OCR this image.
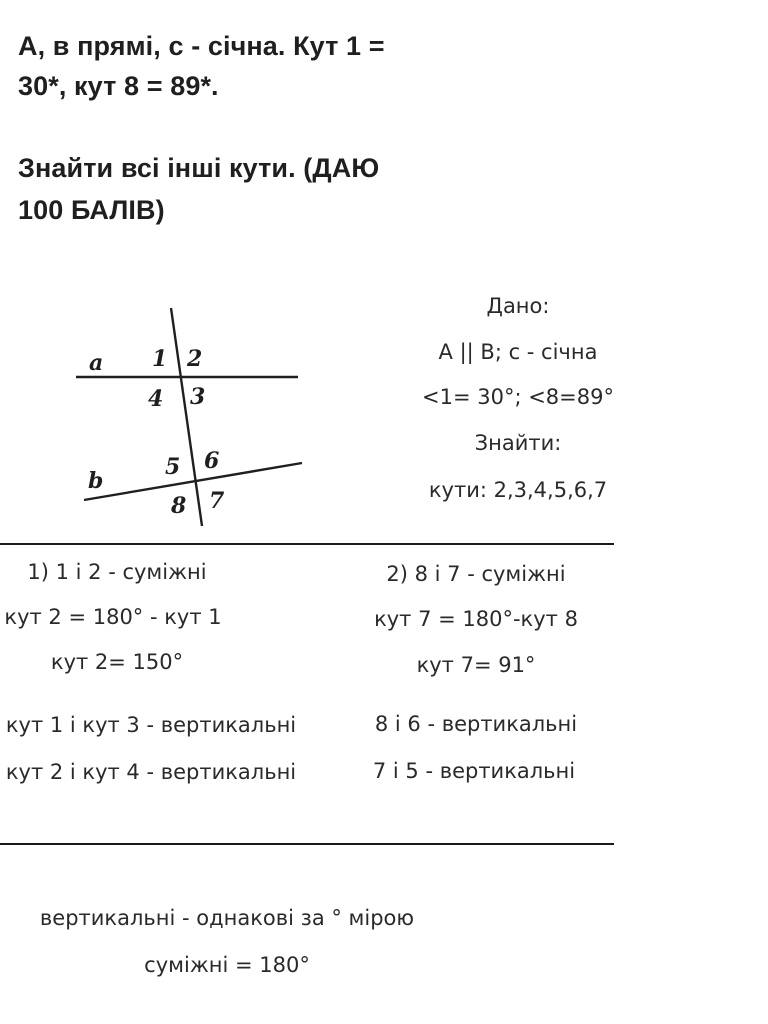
А, в прямі, с - січна. Кут 1 =
30*, кут 8 = 89*.
Знайти всі інші кути. (ДАЮ
100 БАЛІВ)
a
b
1 2
3
4
5 6
7
8
Дано:
A || B; c - січна
<1= 30°; <8=89°
Знайти:
кути: 2,3,4,5,6,7
1) 1 і 2 - суміжні
кут 2 = 180° - кут 1
кут 2= 150°
кут 1 і кут 3 - вертикальні
кут 2 і кут 4 - вертикальні
2) 8 і 7 - суміжні
кут 7 = 180°-кут 8
кут 7= 91°
8 і 6 - вертикальні
7 і 5 - вертикальні
вертикальні - однакові за ° мірою
суміжні = 180°
